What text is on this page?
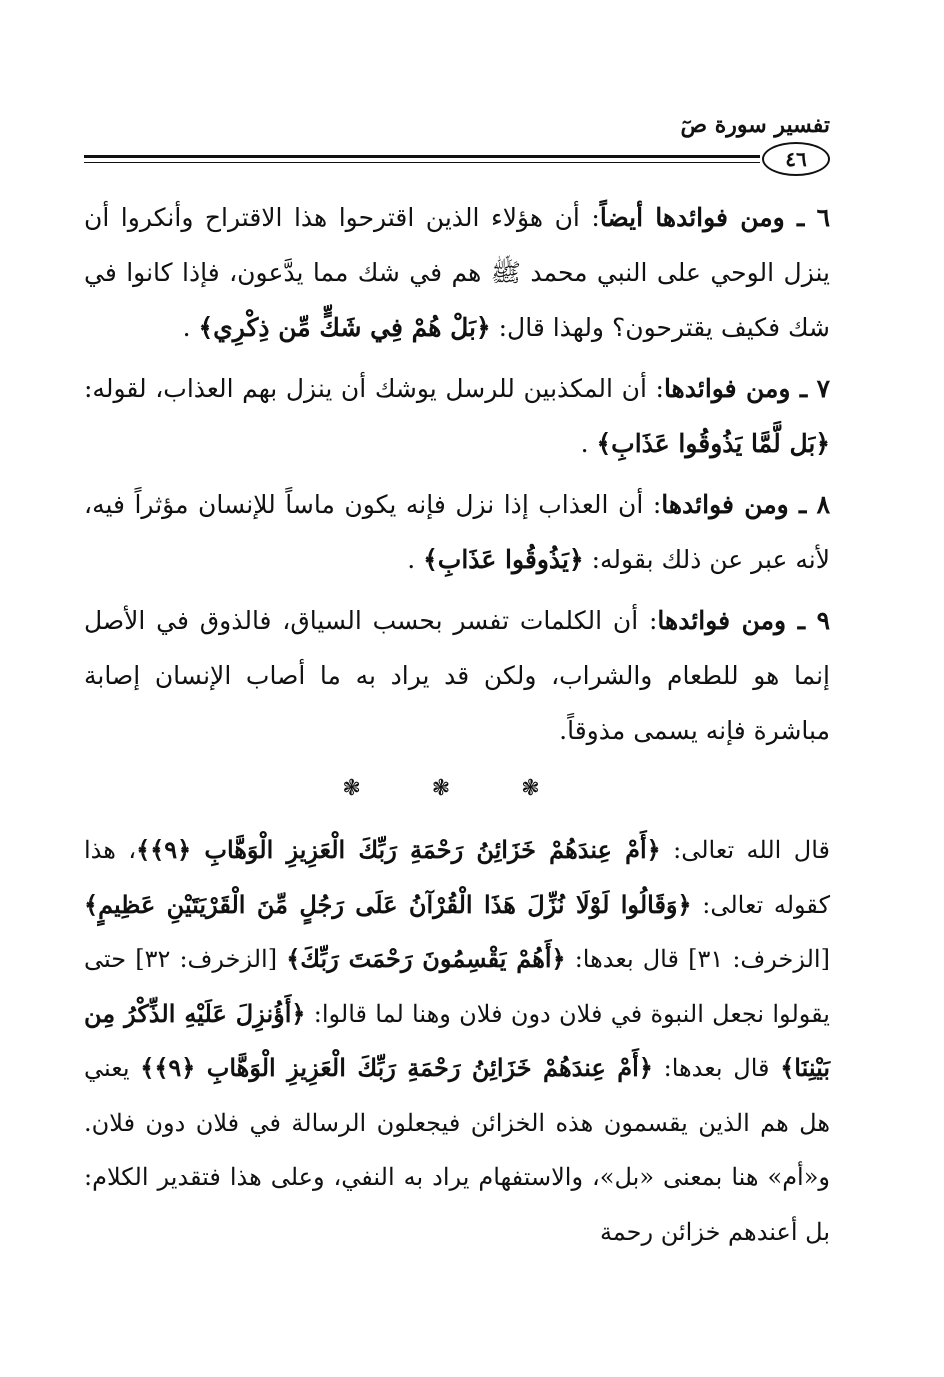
تفسير سورة صٓ
٤٦

٦ ـ ومن فوائدها أيضاً: أن هؤلاء الذين اقترحوا هذا الاقتراح وأنكروا أن ينزل الوحي على النبي محمد ﷺ هم في شك مما يدَّعون، فإذا كانوا في شك فكيف يقترحون؟ ولهذا قال: ﴿بَلْ هُمْ فِي شَكٍّ مِّن ذِكْرِي﴾ .

٧ ـ ومن فوائدها: أن المكذبين للرسل يوشك أن ينزل بهم العذاب، لقوله: ﴿بَل لَّمَّا يَذُوقُوا عَذَابِ﴾ .

٨ ـ ومن فوائدها: أن العذاب إذا نزل فإنه يكون ماساً للإنسان مؤثراً فيه، لأنه عبر عن ذلك بقوله: ﴿يَذُوقُوا عَذَابِ﴾ .

٩ ـ ومن فوائدها: أن الكلمات تفسر بحسب السياق، فالذوق في الأصل إنما هو للطعام والشراب، ولكن قد يراد به ما أصاب الإنسان إصابة مباشرة فإنه يسمى مذوقاً.

❃ ❃ ❃

قال الله تعالى: ﴿أَمْ عِندَهُمْ خَزَائِنُ رَحْمَةِ رَبِّكَ الْعَزِيزِ الْوَهَّابِ ﴿٩﴾﴾، هذا كقوله تعالى: ﴿وَقَالُوا لَوْلَا نُزِّلَ هَذَا الْقُرْآنُ عَلَى رَجُلٍ مِّنَ الْقَرْيَتَيْنِ عَظِيمٍ﴾ [الزخرف: ٣١] قال بعدها: ﴿أَهُمْ يَقْسِمُونَ رَحْمَتَ رَبِّكَ﴾ [الزخرف: ٣٢] حتى يقولوا نجعل النبوة في فلان دون فلان وهنا لما قالوا: ﴿أَؤُنزِلَ عَلَيْهِ الذِّكْرُ مِن بَيْنِنَا﴾ قال بعدها: ﴿أَمْ عِندَهُمْ خَزَائِنُ رَحْمَةِ رَبِّكَ الْعَزِيزِ الْوَهَّابِ ﴿٩﴾﴾ يعني هل هم الذين يقسمون هذه الخزائن فيجعلون الرسالة في فلان دون فلان. و«أم» هنا بمعنى «بل»، والاستفهام يراد به النفي، وعلى هذا فتقدير الكلام: بل أعندهم خزائن رحمة
